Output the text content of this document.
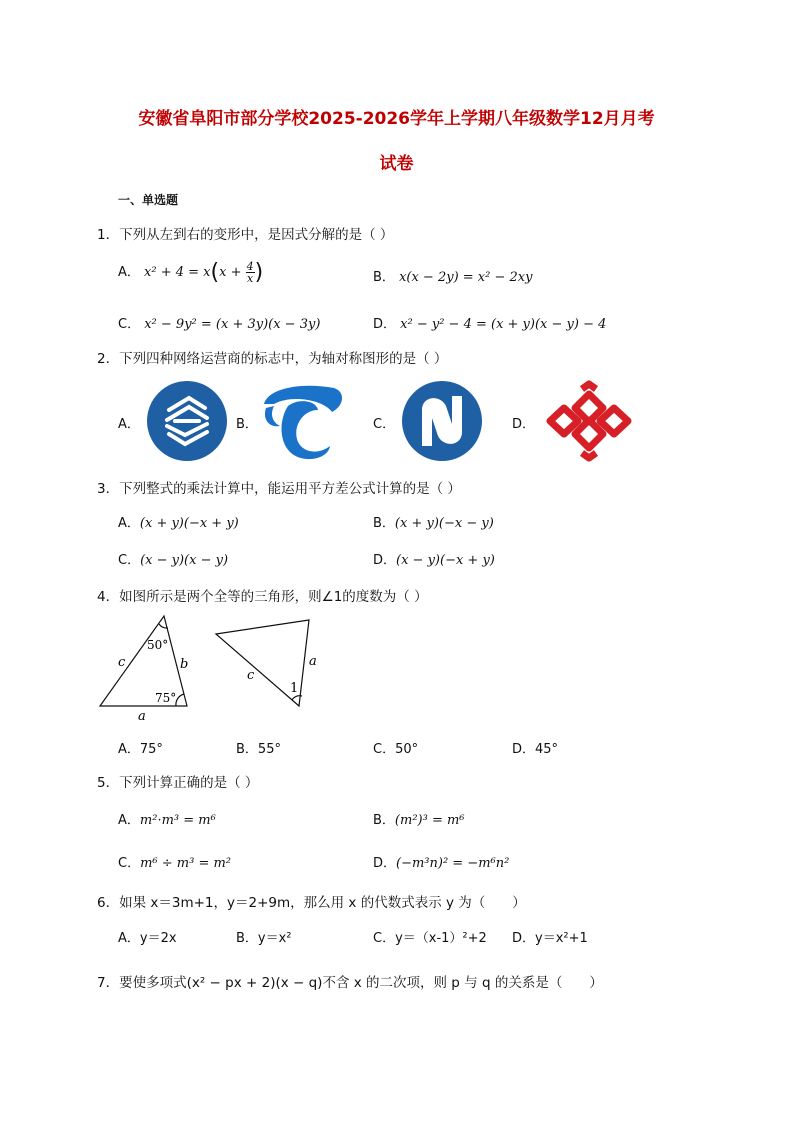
安徽省阜阳市部分学校2025-2026学年上学期八年级数学12月月考
试卷
一、单选题
1．下列从左到右的变形中，是因式分解的是（ ）
A． $x^2 + 4 = x(x + \frac{4}{x}$ )	B． x(x − 2y) = x² − 2xy
C． x² − 9y² = (x + 3y)(x − 3y)	D． x² − y² − 4 = (x + y)(x − y) − 4
2．下列四种网络运营商的标志中，为轴对称图形的是（ ）
A．	B．	C．	D．
3．下列整式的乘法计算中，能运用平方差公式计算的是（ ）
A．(x + y)(−x + y)	B．(x + y)(−x − y)
C．(x − y)(x − y)	D．(x − y)(−x + y)
4．如图所示是两个全等的三角形，则∠1的度数为（ ）
50°
75°
c	b
a
c
a
1
A．75°	B．55°	C．50°	D．45°
5．下列计算正确的是（ ）
A．m²·m³ = m⁶	B．(m²)³ = m⁶
C．m⁶ ÷ m³ = m²	D．(−m³n)² = −m⁶n²
6．如果 x＝3m+1，y＝2+9m，那么用 x 的代数式表示 y 为（　　）
A．y＝2x	B．y＝x²	C．y＝（x-1）²+2 D．y＝x²+1
7．要使多项式(x² − px + 2)(x − q)不含 x 的二次项，则 p 与 q 的关系是（　　）
